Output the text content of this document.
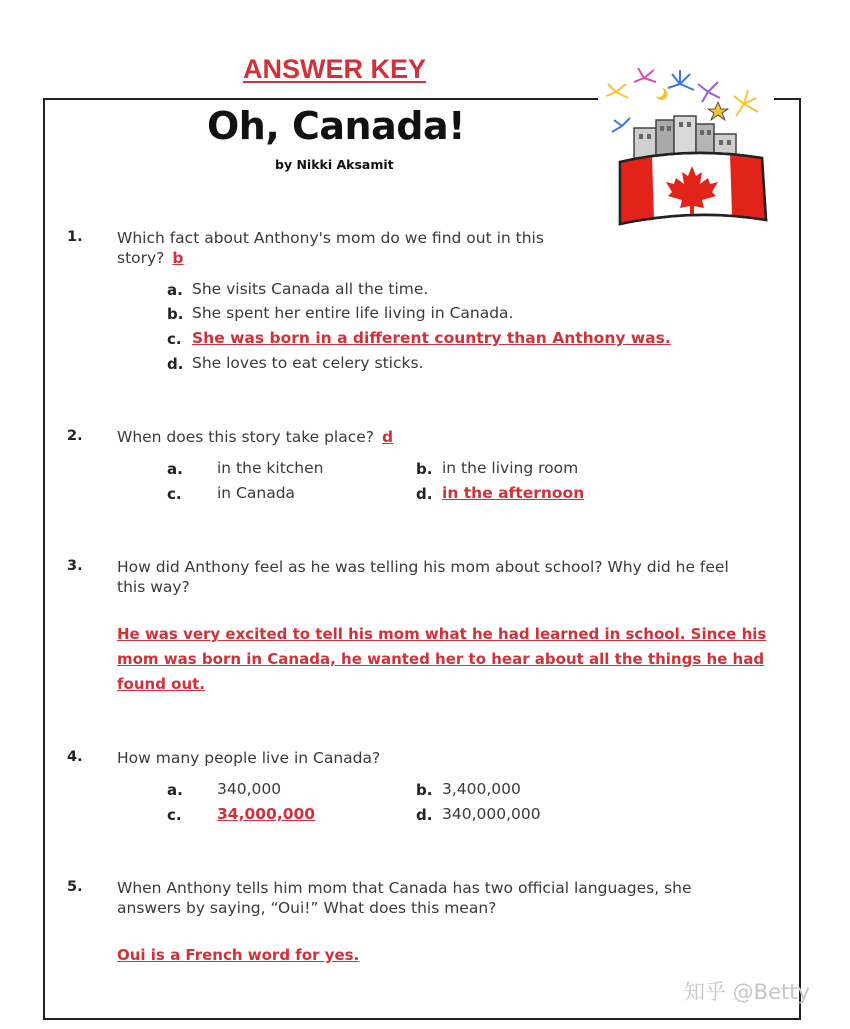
ANSWER KEY
Oh, Canada!
by Nikki Aksamit
1. Which fact about Anthony's mom do we find out in this
story? b
a. She visits Canada all the time.
b. She spent her entire life living in Canada.
c. She was born in a different country than Anthony was.
d. She loves to eat celery sticks.
2. When does this story take place? d
a. in the kitchen	b. in the living room
c. in Canada	d. in the afternoon
3. How did Anthony feel as he was telling his mom about school? Why did he feel
this way?
He was very excited to tell his mom what he had learned in school. Since his
mom was born in Canada, he wanted her to hear about all the things he had
found out.
4. How many people live in Canada?
a. 340,000	b. 3,400,000
c. 34,000,000	d. 340,000,000
5. When Anthony tells him mom that Canada has two official languages, she
answers by saying, “Oui!” What does this mean?
Oui is a French word for yes.
知乎 @Betty
